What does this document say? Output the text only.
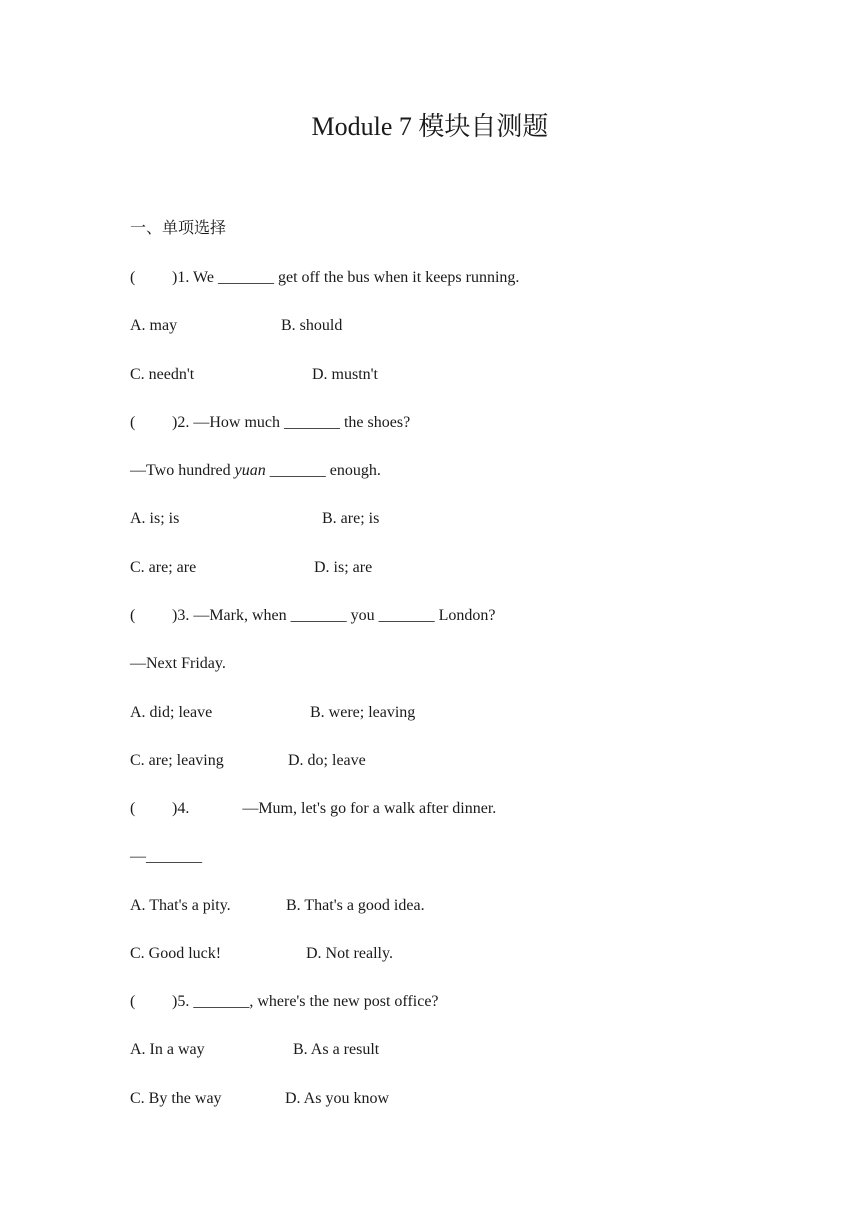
Module 7 模块自测题
一、单项选择
( )1. We _______ get off the bus when it keeps running.
A. may	B. should
C. needn't	D. mustn't
( )2. —How much _______ the shoes?
—Two hundred yuan _______ enough.
A. is; is	B. are; is
C. are; are	D. is; are
( )3. —Mark, when _______ you _______ London?
—Next Friday.
A. did; leave	B. were; leaving
C. are; leaving	D. do; leave
( )4.	—Mum, let's go for a walk after dinner.
—_______
A. That's a pity.	B. That's a good idea.
C. Good luck!	D. Not really.
( )5. _______, where's the new post office?
A. In a way	B. As a result
C. By the way	D. As you know
